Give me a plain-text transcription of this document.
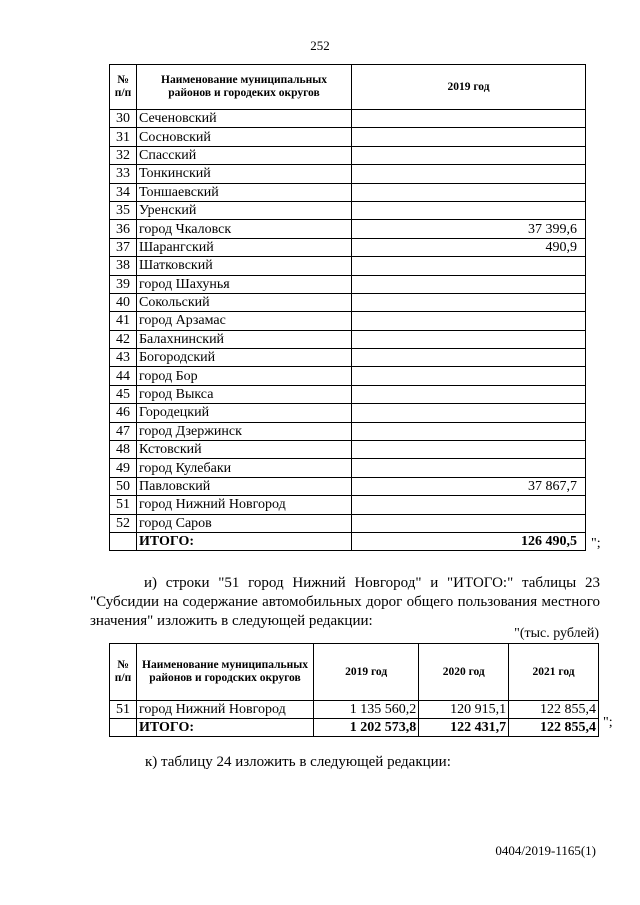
252
№ п/п	Наименование муниципальных районов и городеких округов	2019 год
30	Сеченовский	
31	Сосновский	
32	Спасский	
33	Тонкинский	
34	Тоншаевский	
35	Уренский	
36	город Чкаловск	37 399,6
37	Шарангский	490,9
38	Шатковский	
39	город Шахунья	
40	Сокольский	
41	город Арзамас	
42	Балахнинский	
43	Богородский	
44	город Бор	
45	город Выкса	
46	Городецкий	
47	город Дзержинск	
48	Кстовский	
49	город Кулебаки	
50	Павловский	37 867,7
51	город Нижний Новгород	
52	город Саров	
	ИТОГО:	126 490,5 ";
и) строки "51 город Нижний Новгород" и "ИТОГО:" таблицы 23 "Субсидии на содержание автомобильных дорог общего пользования местного значения" изложить в следующей редакции:
"(тыс. рублей)
№ п/п	Наименование муниципальных районов и городских округов	2019 год	2020 год	2021 год
51	город Нижний Новгород	1 135 560,2	120 915,1	122 855,4
	ИТОГО:	1 202 573,8	122 431,7	122 855,4 ";
к) таблицу 24 изложить в следующей редакции:
0404/2019-1165(1)
